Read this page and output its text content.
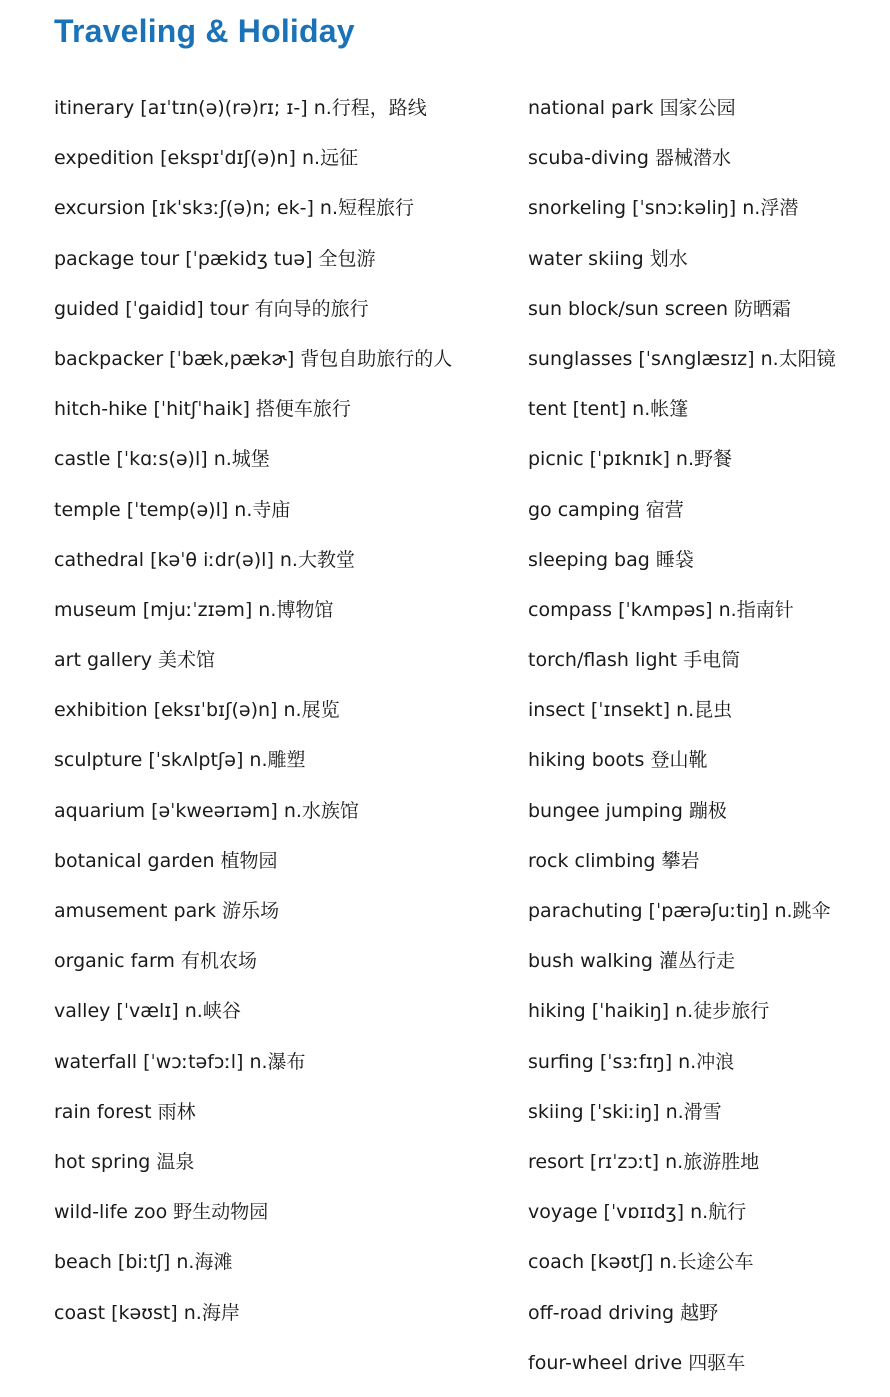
Traveling & Holiday
itinerary [aɪˈtɪn(ə)(rə)rɪ; ɪ-] n.行程，路线
expedition [ekspɪˈdɪʃ(ə)n] n.远征
excursion [ɪkˈskɜːʃ(ə)n; ek-] n.短程旅行
package tour [ˈpækidʒ tuə] 全包游
guided [ˈgaidid] tour 有向导的旅行
backpacker [ˈbæk,pækɚ] 背包自助旅行的人
hitch-hike [ˈhitʃˈhaik] 搭便车旅行
castle [ˈkɑːs(ə)l] n.城堡
temple [ˈtemp(ə)l] n.寺庙
cathedral [kəˈθ iːdr(ə)l] n.大教堂
museum [mjuːˈzɪəm] n.博物馆
art gallery 美术馆
exhibition [eksɪˈbɪʃ(ə)n] n.展览
sculpture [ˈskʌlptʃə] n.雕塑
aquarium [əˈkweərɪəm] n.水族馆
botanical garden 植物园
amusement park 游乐场
organic farm 有机农场
valley [ˈvælɪ] n.峡谷
waterfall [ˈwɔːtəfɔːl] n.瀑布
rain forest 雨林
hot spring 温泉
wild-life zoo 野生动物园
beach [biːtʃ] n.海滩
coast [kəʊst] n.海岸
national park 国家公园
scuba-diving 器械潜水
snorkeling [ˈsnɔːkəliŋ] n.浮潜
water skiing 划水
sun block/sun screen 防晒霜
sunglasses [ˈsʌnglæsɪz] n.太阳镜
tent [tent] n.帐篷
picnic [ˈpɪknɪk] n.野餐
go camping 宿营
sleeping bag 睡袋
compass [ˈkʌmpəs] n.指南针
torch/flash light 手电筒
insect [ˈɪnsekt] n.昆虫
hiking boots 登山靴
bungee jumping 蹦极
rock climbing 攀岩
parachuting [ˈpærəʃuːtiŋ] n.跳伞
bush walking 灌丛行走
hiking [ˈhaikiŋ] n.徒步旅行
surfing [ˈsɜːfɪŋ] n.冲浪
skiing [ˈskiːiŋ] n.滑雪
resort [rɪˈzɔːt] n.旅游胜地
voyage [ˈvɒɪɪdʒ] n.航行
coach [kəʊtʃ] n.长途公车
off-road driving 越野
four-wheel drive 四驱车
